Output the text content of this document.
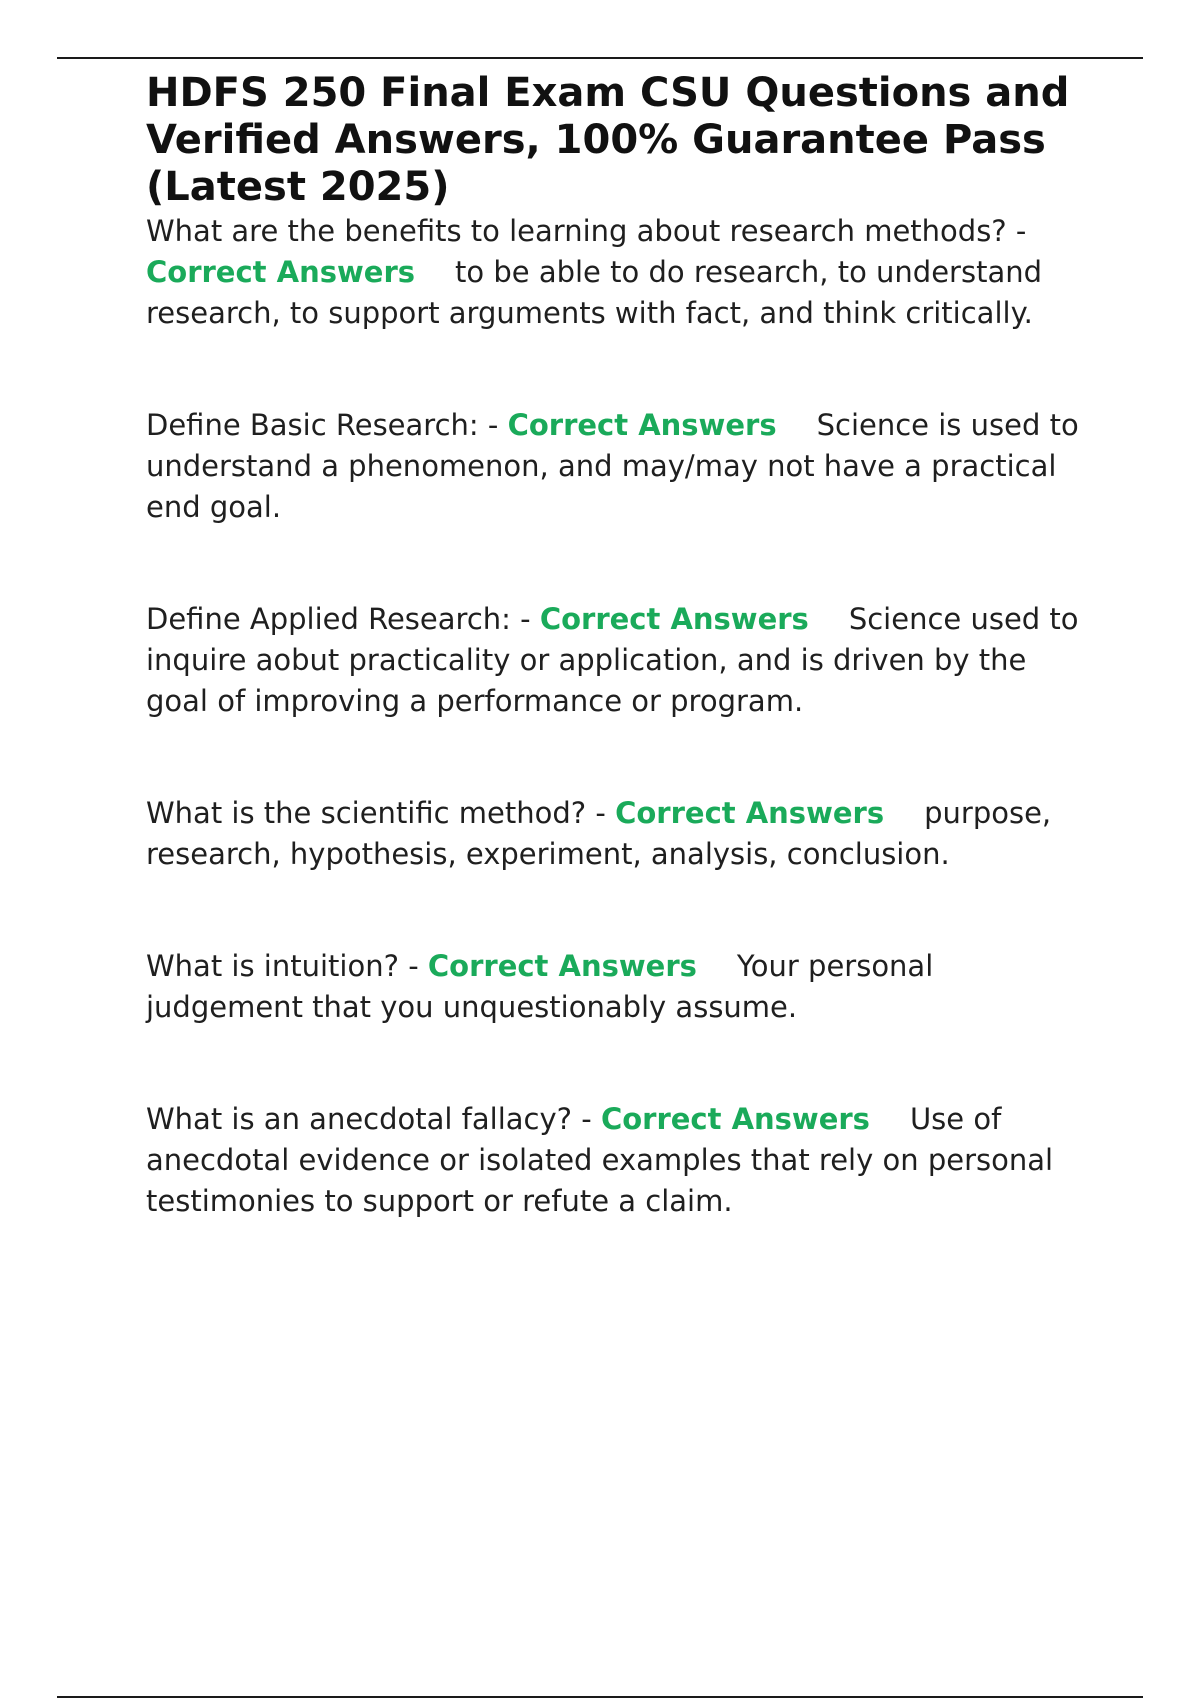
HDFS 250 Final Exam CSU Questions and Verified Answers, 100% Guarantee Pass (Latest 2025)

What are the benefits to learning about research methods? - Correct Answers to be able to do research, to understand research, to support arguments with fact, and think critically.

Define Basic Research: - Correct Answers Science is used to understand a phenomenon, and may/may not have a practical end goal.

Define Applied Research: - Correct Answers Science used to inquire aobut practicality or application, and is driven by the goal of improving a performance or program.

What is the scientific method? - Correct Answers purpose, research, hypothesis, experiment, analysis, conclusion.

What is intuition? - Correct Answers Your personal judgement that you unquestionably assume.

What is an anecdotal fallacy? - Correct Answers Use of anecdotal evidence or isolated examples that rely on personal testimonies to support or refute a claim.
